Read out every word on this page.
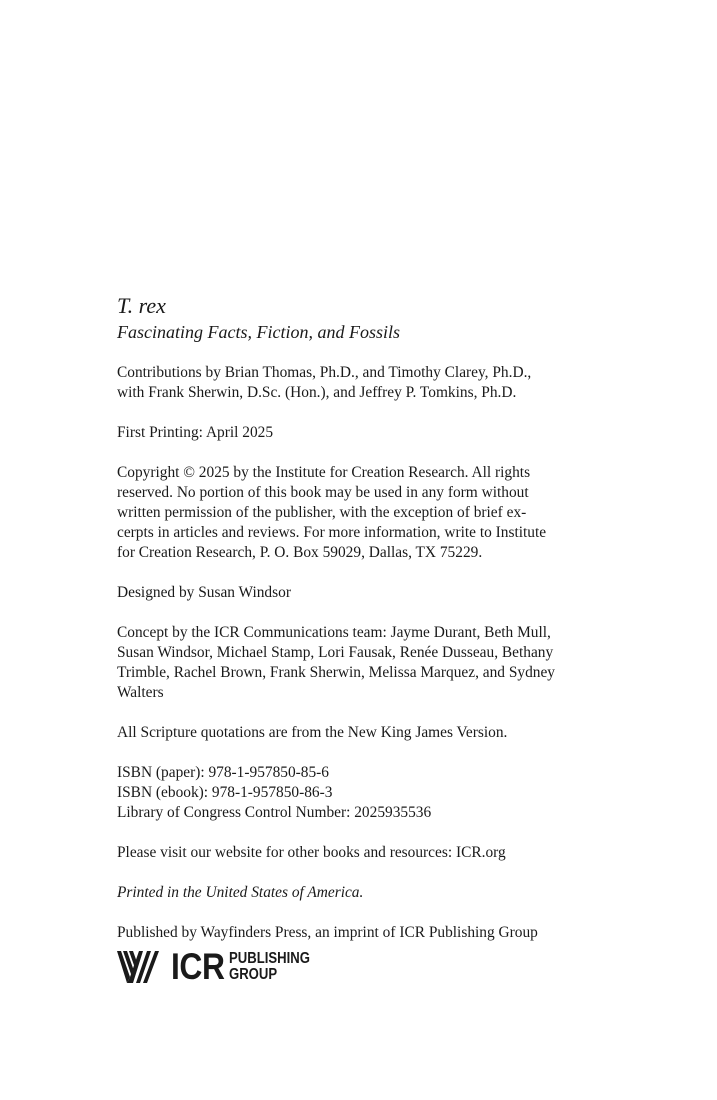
T. rex

Fascinating Facts, Fiction, and Fossils

Contributions by Brian Thomas, Ph.D., and Timothy Clarey, Ph.D.,
with Frank Sherwin, D.Sc. (Hon.), and Jeffrey P. Tomkins, Ph.D.

First Printing: April 2025

Copyright © 2025 by the Institute for Creation Research. All rights
reserved. No portion of this book may be used in any form without
written permission of the publisher, with the exception of brief ex-
cerpts in articles and reviews. For more information, write to Institute
for Creation Research, P. O. Box 59029, Dallas, TX 75229.

Designed by Susan Windsor

Concept by the ICR Communications team: Jayme Durant, Beth Mull,
Susan Windsor, Michael Stamp, Lori Fausak, Renée Dusseau, Bethany
Trimble, Rachel Brown, Frank Sherwin, Melissa Marquez, and Sydney
Walters

All Scripture quotations are from the New King James Version.

ISBN (paper): 978-1-957850-85-6
ISBN (ebook): 978-1-957850-86-3
Library of Congress Control Number: 2025935536

Please visit our website for other books and resources: ICR.org

Printed in the United States of America.

Published by Wayfinders Press, an imprint of ICR Publishing Group

ICR PUBLISHING
GROUP
